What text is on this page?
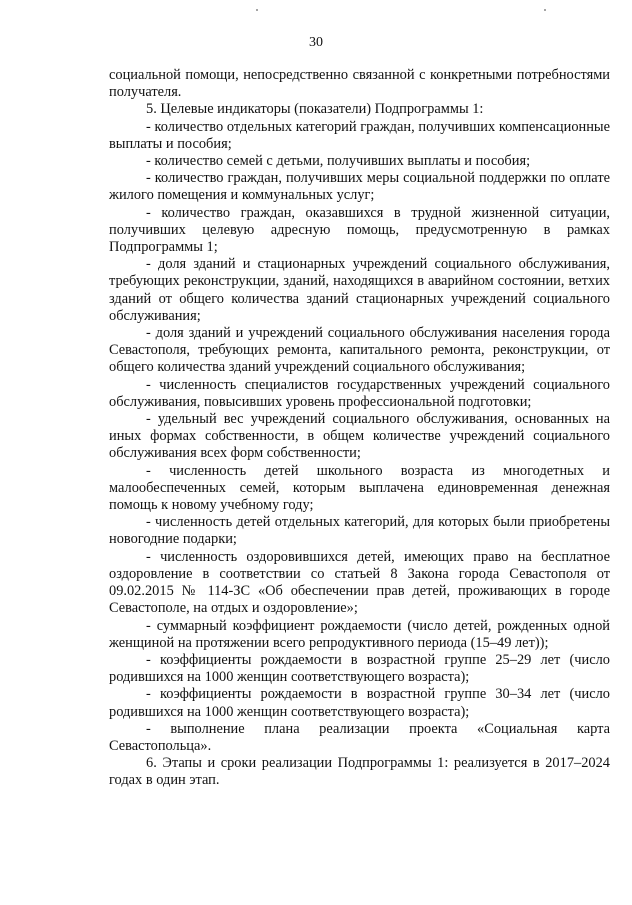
30

социальной помощи, непосредственно связанной с конкретными потребностями получателя.

5. Целевые индикаторы (показатели) Подпрограммы 1:

- количество отдельных категорий граждан, получивших компенсационные выплаты и пособия;

- количество семей с детьми, получивших выплаты и пособия;

- количество граждан, получивших меры социальной поддержки по оплате жилого помещения и коммунальных услуг;

- количество граждан, оказавшихся в трудной жизненной ситуации, получивших целевую адресную помощь, предусмотренную в рамках Подпрограммы 1;

- доля зданий и стационарных учреждений социального обслуживания, требующих реконструкции, зданий, находящихся в аварийном состоянии, ветхих зданий от общего количества зданий стационарных учреждений социального обслуживания;

- доля зданий и учреждений социального обслуживания населения города Севастополя, требующих ремонта, капитального ремонта, реконструкции, от общего количества зданий учреждений социального обслуживания;

- численность специалистов государственных учреждений социального обслуживания, повысивших уровень профессиональной подготовки;

- удельный вес учреждений социального обслуживания, основанных на иных формах собственности, в общем количестве учреждений социального обслуживания всех форм собственности;

- численность детей школьного возраста из многодетных и малообеспеченных семей, которым выплачена единовременная денежная помощь к новому учебному году;

- численность детей отдельных категорий, для которых были приобретены новогодние подарки;

- численность оздоровившихся детей, имеющих право на бесплатное оздоровление в соответствии со статьей 8 Закона города Севастополя от 09.02.2015 № 114-ЗС «Об обеспечении прав детей, проживающих в городе Севастополе, на отдых и оздоровление»;

- суммарный коэффициент рождаемости (число детей, рожденных одной женщиной на протяжении всего репродуктивного периода (15–49 лет));

- коэффициенты рождаемости в возрастной группе 25–29 лет (число родившихся на 1000 женщин соответствующего возраста);

- коэффициенты рождаемости в возрастной группе 30–34 лет (число родившихся на 1000 женщин соответствующего возраста);

- выполнение плана реализации проекта «Социальная карта Севастопольца».

6. Этапы и сроки реализации Подпрограммы 1: реализуется в 2017–2024 годах в один этап.
